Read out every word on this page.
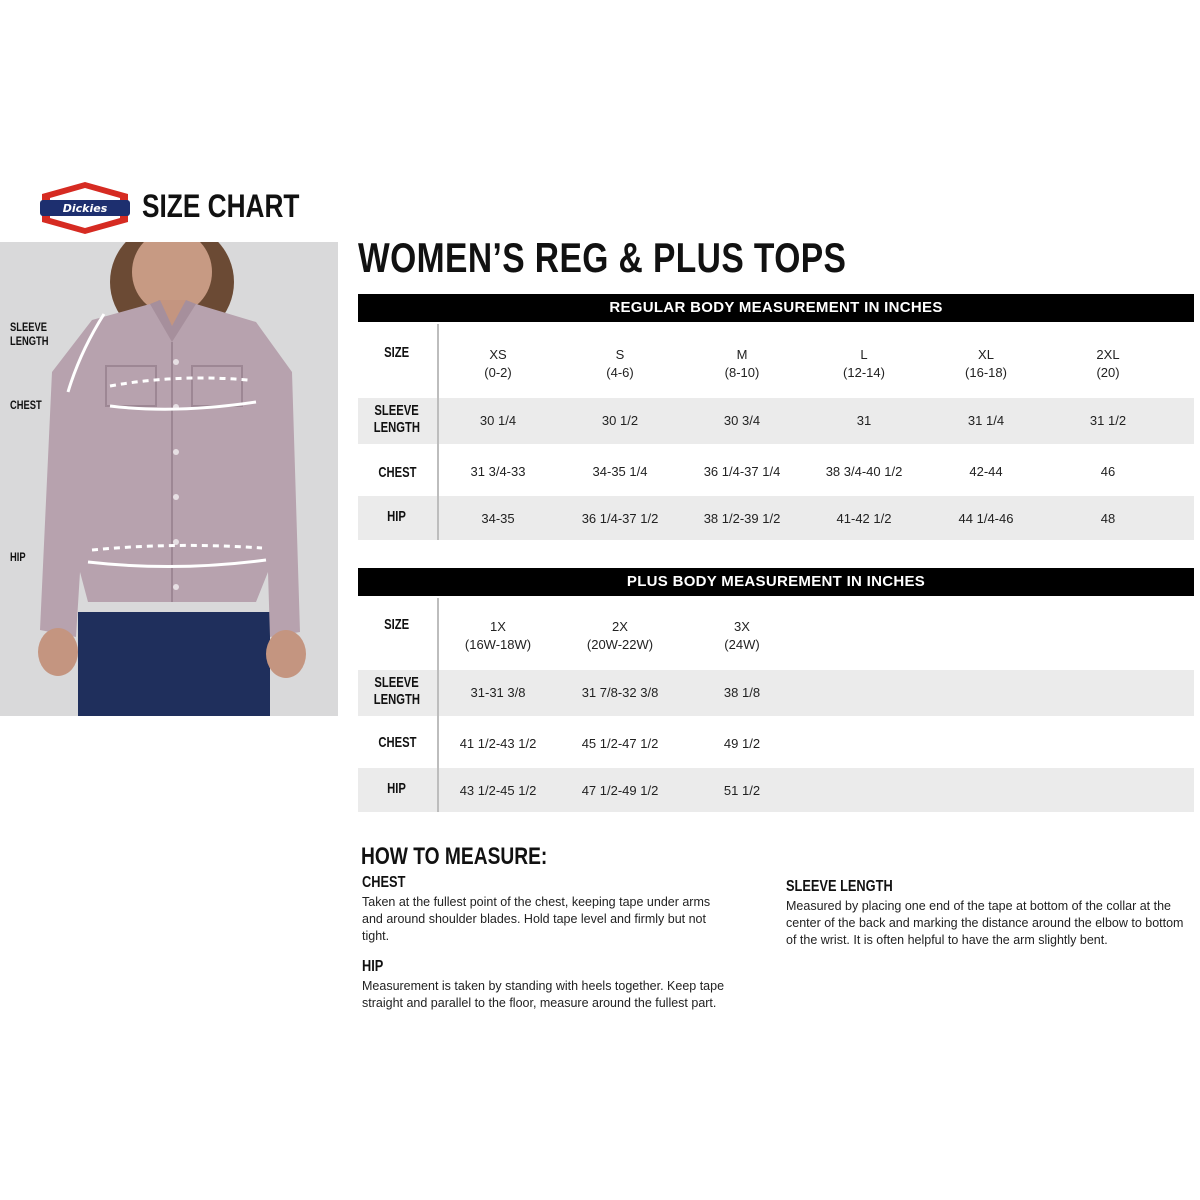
Dickies SIZE CHART
WOMEN’S REG & PLUS TOPS
SLEEVE
LENGTH
CHEST
HIP
REGULAR BODY MEASUREMENT IN INCHES
SIZE
SLEEVE
LENGTH
CHEST
HIP
XS
(0-2)
30 1/4
31 3/4-33
34-35
S
(4-6)
30 1/2
34-35 1/4
36 1/4-37 1/2
M
(8-10)
30 3/4
36 1/4-37 1/4
38 1/2-39 1/2
L
(12-14)
31
38 3/4-40 1/2
41-42 1/2
XL
(16-18)
31 1/4
42-44
44 1/4-46
2XL
(20)
31 1/2
46
48
PLUS BODY MEASUREMENT IN INCHES
SIZE
SLEEVE
LENGTH
CHEST
HIP
1X
(16W-18W)
31-31 3/8
41 1/2-43 1/2
43 1/2-45 1/2
2X
(20W-22W)
31 7/8-32 3/8
45 1/2-47 1/2
47 1/2-49 1/2
3X
(24W)
38 1/8
49 1/2
51 1/2
HOW TO MEASURE:
CHEST
Taken at the fullest point of the chest, keeping tape under arms and around shoulder blades. Hold tape level and firmly but not tight.
HIP
Measurement is taken by standing with heels together. Keep tape straight and parallel to the floor, measure around the fullest part.
SLEEVE LENGTH
Measured by placing one end of the tape at bottom of the collar at the center of the back and marking the distance around the elbow to bottom of the wrist. It is often helpful to have the arm slightly bent.
